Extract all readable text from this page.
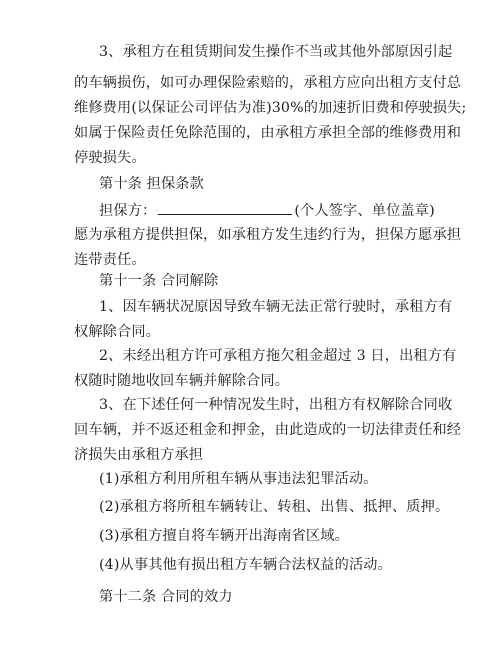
3、承租方在租赁期间发生操作不当或其他外部原因引起
的车辆损伤，如可办理保险索赔的，承租方应向出租方支付总
维修费用(以保证公司评估为准)30%的加速折旧费和停驶损失;
如属于保险责任免除范围的，由承租方承担全部的维修费用和
停驶损失。
第十条 担保条款
担保方：	(个人签字、单位盖章)
愿为承租方提供担保，如承租方发生违约行为，担保方愿承担
连带责任。
第十一条 合同解除
1、因车辆状况原因导致车辆无法正常行驶时，承租方有
权解除合同。
2、未经出租方许可承租方拖欠租金超过 3 日，出租方有
权随时随地收回车辆并解除合同。
3、在下述任何一种情况发生时，出租方有权解除合同收
回车辆，并不返还租金和押金，由此造成的一切法律责任和经
济损失由承租方承担
(1)承租方利用所租车辆从事违法犯罪活动。
(2)承租方将所租车辆转让、转租、出售、抵押、质押。
(3)承租方擅自将车辆开出海南省区域。
(4)从事其他有损出租方车辆合法权益的活动。
第十二条 合同的效力
